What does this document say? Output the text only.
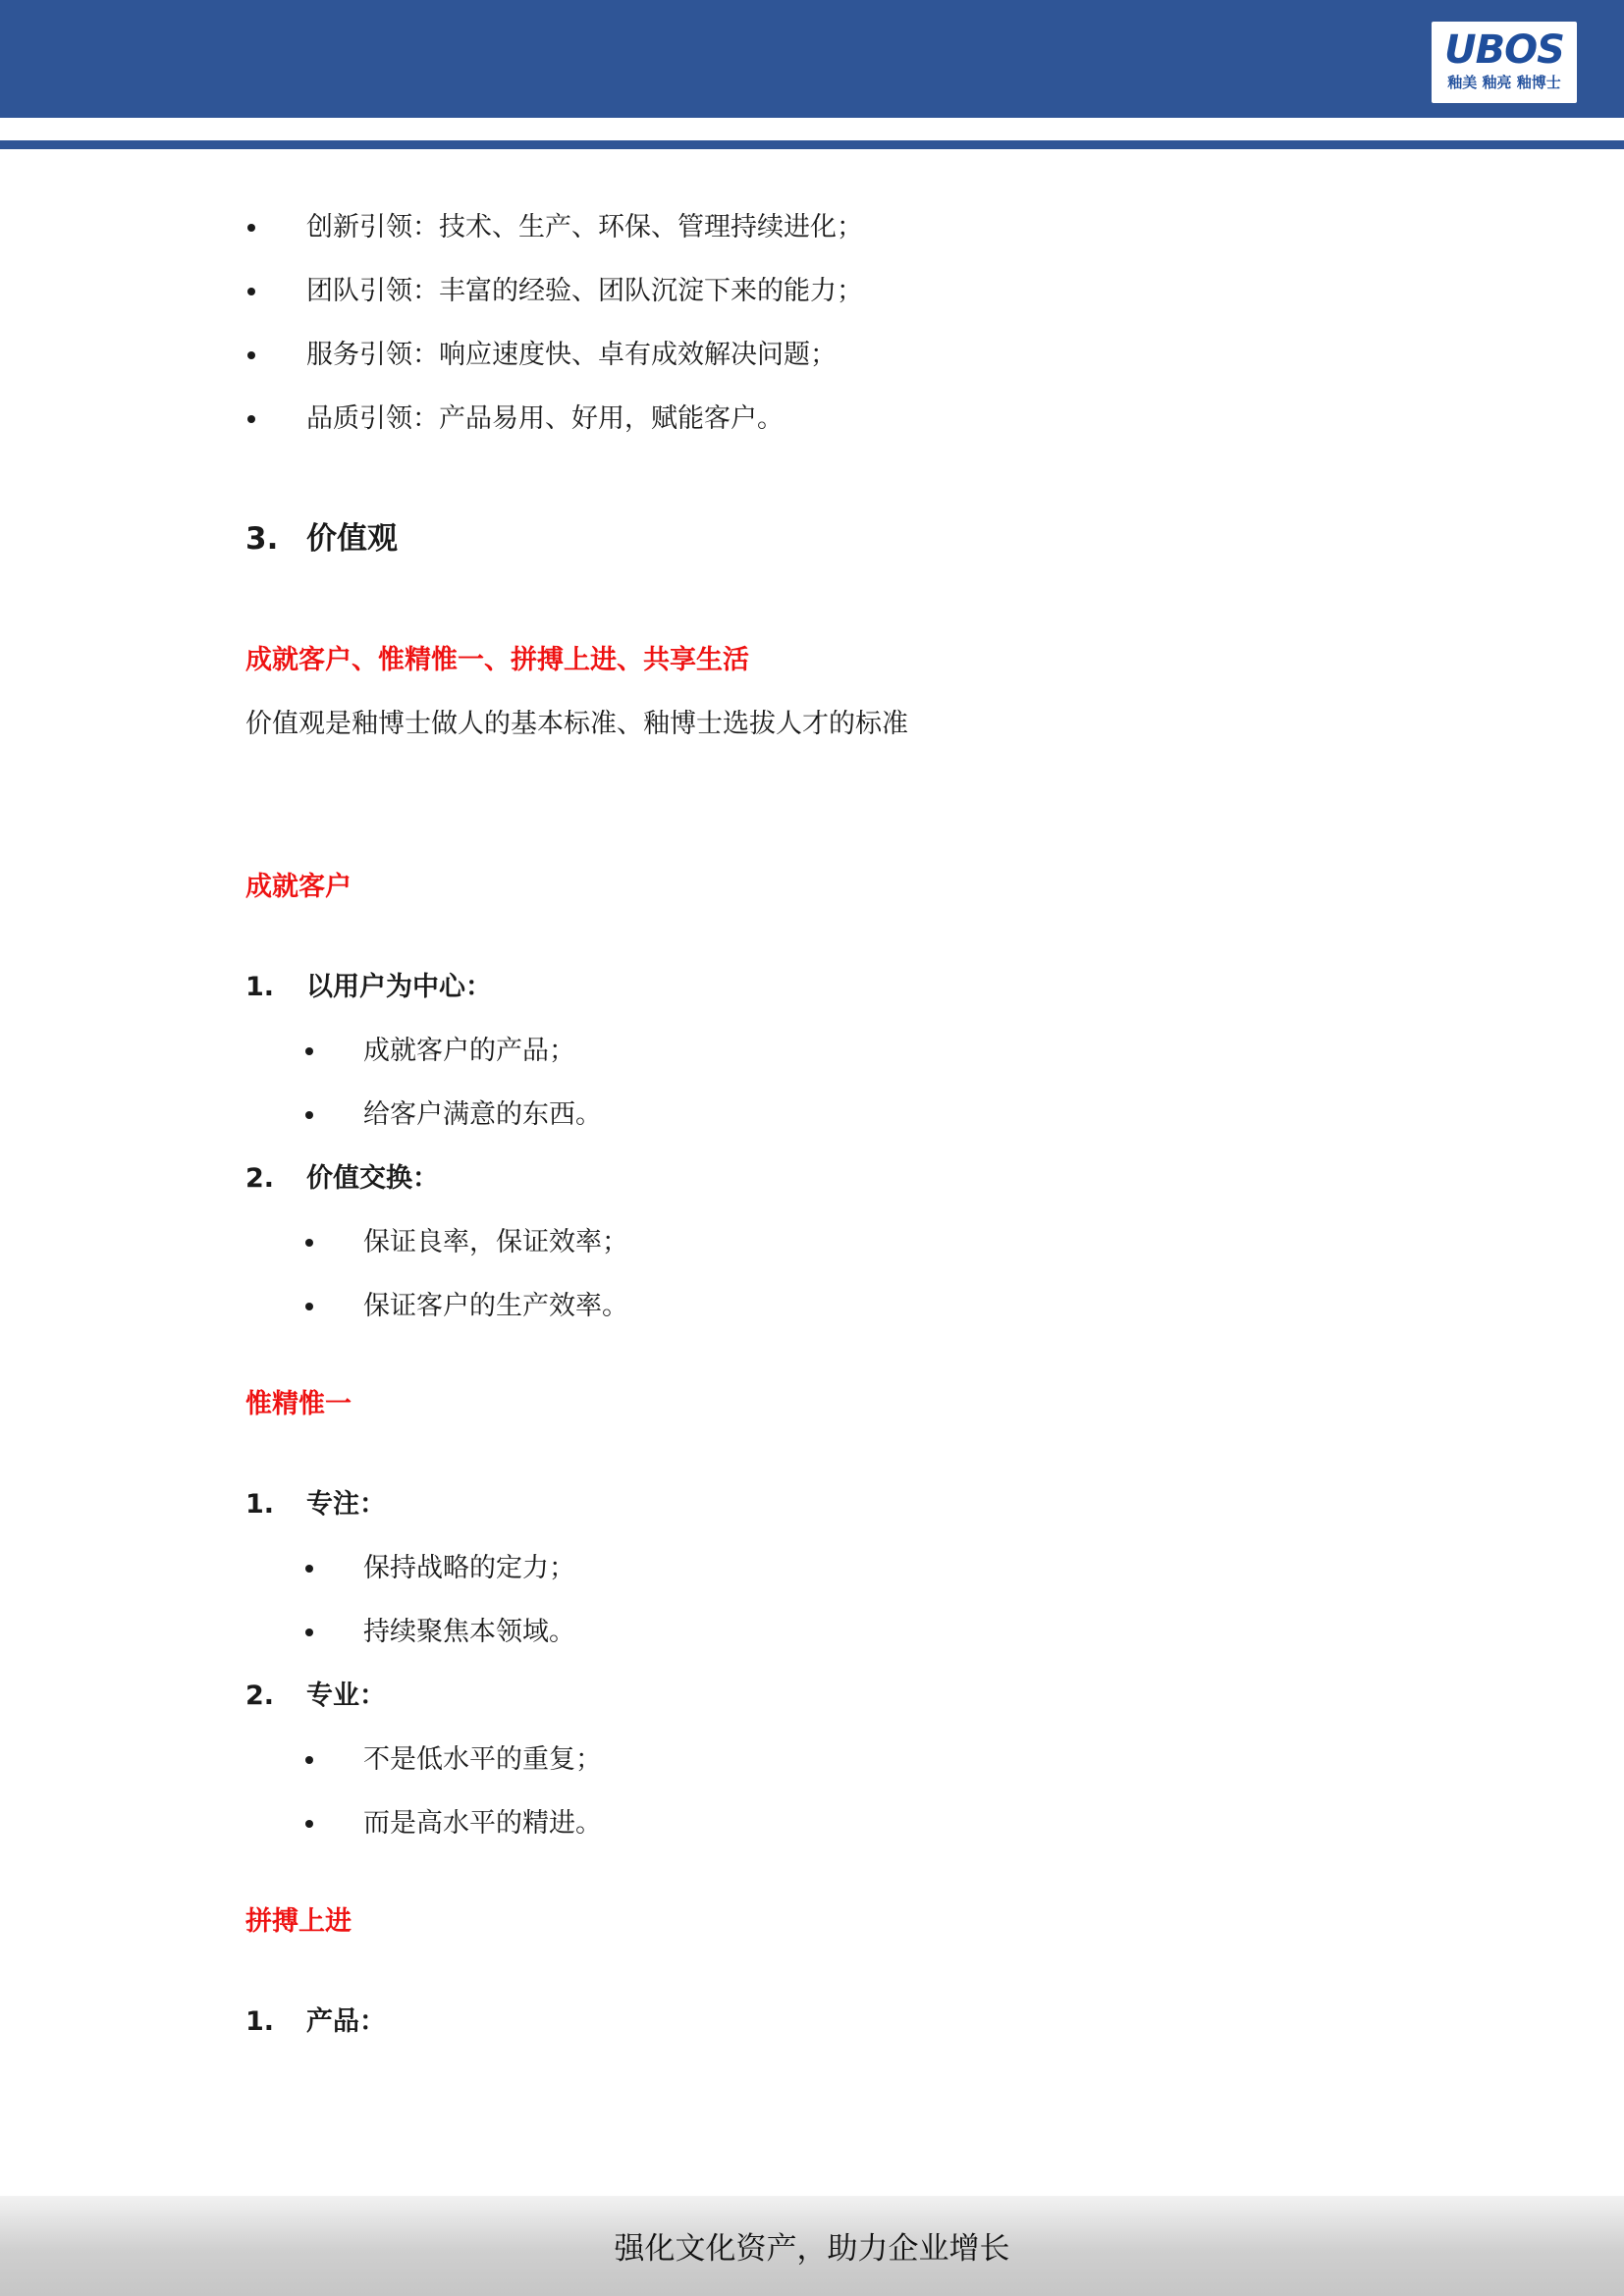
UBOS
釉美 釉亮 釉博士
创新引领：技术、生产、环保、管理持续进化；
团队引领：丰富的经验、团队沉淀下来的能力；
服务引领：响应速度快、卓有成效解决问题；
品质引领：产品易用、好用，赋能客户。
3. 价值观
成就客户、惟精惟一、拼搏上进、共享生活
价值观是釉博士做人的基本标准、釉博士选拔人才的标准
成就客户
1. 以用户为中心：
成就客户的产品；
给客户满意的东西。
2. 价值交换：
保证良率，保证效率；
保证客户的生产效率。
惟精惟一
1. 专注：
保持战略的定力；
持续聚焦本领域。
2. 专业：
不是低水平的重复；
而是高水平的精进。
拼搏上进
1. 产品：
强化文化资产，助力企业增长
